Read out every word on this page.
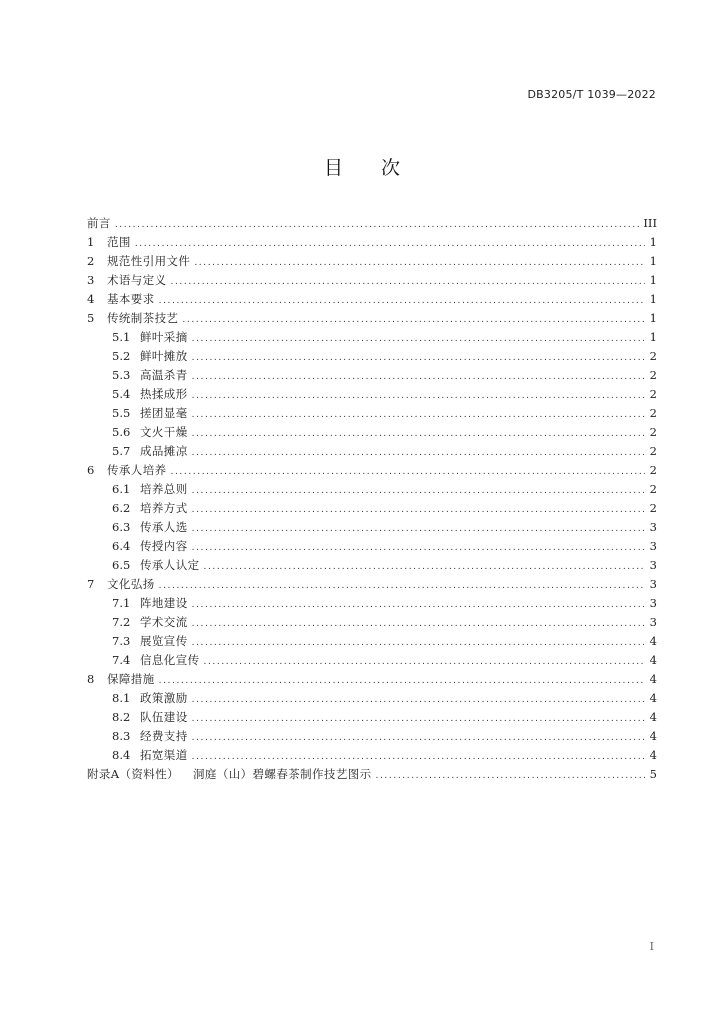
DB3205/T 1039—2022
目 次
前言 .....	III
1	范围 .....	1
2	规范性引用文件 .....	1
3	术语与定义 .....	1
4	基本要求 .....	1
5	传统制茶技艺 .....	1
5.1 鲜叶采摘 .....	1
5.2 鲜叶摊放 .....	2
5.3 高温杀青 .....	2
5.4 热揉成形 .....	2
5.5 搓团显毫 .....	2
5.6 文火干燥 .....	2
5.7 成品摊凉 .....	2
6	传承人培养 .....	2
6.1 培养总则 .....	2
6.2 培养方式 .....	2
6.3 传承人选 .....	3
6.4 传授内容 .....	3
6.5 传承人认定 .....	3
7	文化弘扬 .....	3
7.1 阵地建设 .....	3
7.2 学术交流 .....	3
7.3 展览宣传 .....	4
7.4 信息化宣传 .....	4
8	保障措施 .....	4
8.1 政策激励 .....	4
8.2 队伍建设 .....	4
8.3 经费支持 .....	4
8.4 拓宽渠道 .....	4
附录A（资料性） 洞庭（山）碧螺春茶制作技艺图示 .....	5
I
